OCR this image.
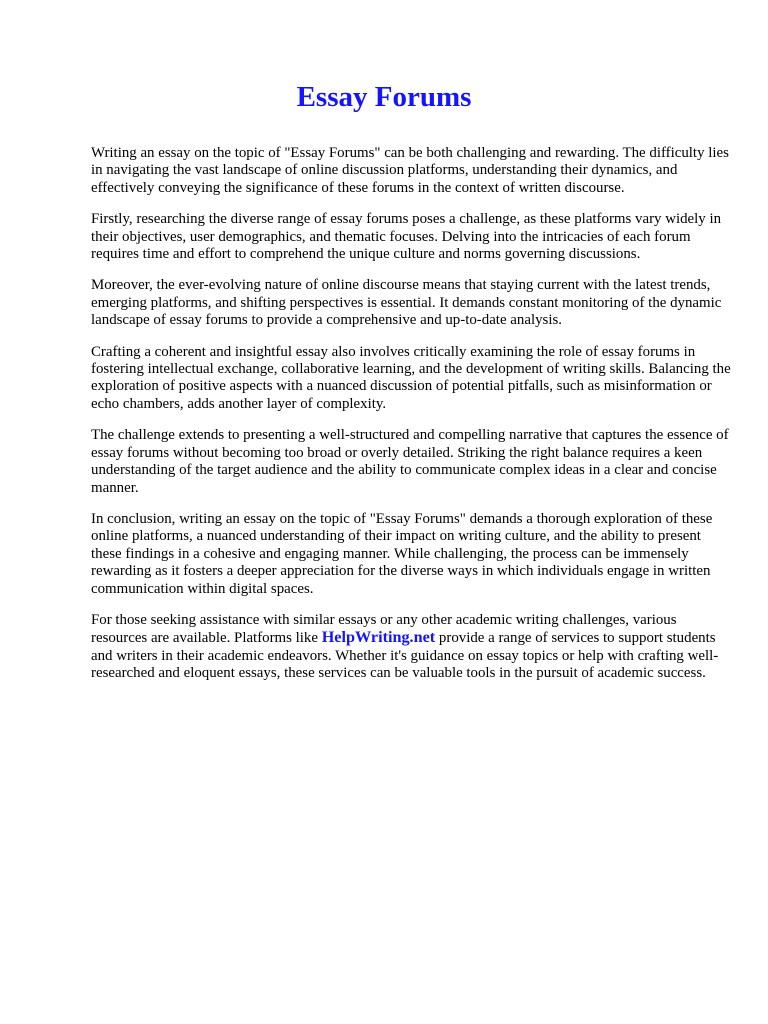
Essay Forums

Writing an essay on the topic of "Essay Forums" can be both challenging and rewarding. The difficulty lies in navigating the vast landscape of online discussion platforms, understanding their dynamics, and effectively conveying the significance of these forums in the context of written discourse.

Firstly, researching the diverse range of essay forums poses a challenge, as these platforms vary widely in their objectives, user demographics, and thematic focuses. Delving into the intricacies of each forum requires time and effort to comprehend the unique culture and norms governing discussions.

Moreover, the ever-evolving nature of online discourse means that staying current with the latest trends, emerging platforms, and shifting perspectives is essential. It demands constant monitoring of the dynamic landscape of essay forums to provide a comprehensive and up-to-date analysis.

Crafting a coherent and insightful essay also involves critically examining the role of essay forums in fostering intellectual exchange, collaborative learning, and the development of writing skills. Balancing the exploration of positive aspects with a nuanced discussion of potential pitfalls, such as misinformation or echo chambers, adds another layer of complexity.

The challenge extends to presenting a well-structured and compelling narrative that captures the essence of essay forums without becoming too broad or overly detailed. Striking the right balance requires a keen understanding of the target audience and the ability to communicate complex ideas in a clear and concise manner.

In conclusion, writing an essay on the topic of "Essay Forums" demands a thorough exploration of these online platforms, a nuanced understanding of their impact on writing culture, and the ability to present these findings in a cohesive and engaging manner. While challenging, the process can be immensely rewarding as it fosters a deeper appreciation for the diverse ways in which individuals engage in written communication within digital spaces.

For those seeking assistance with similar essays or any other academic writing challenges, various resources are available. Platforms like HelpWriting.net provide a range of services to support students and writers in their academic endeavors. Whether it's guidance on essay topics or help with crafting well-researched and eloquent essays, these services can be valuable tools in the pursuit of academic success.
